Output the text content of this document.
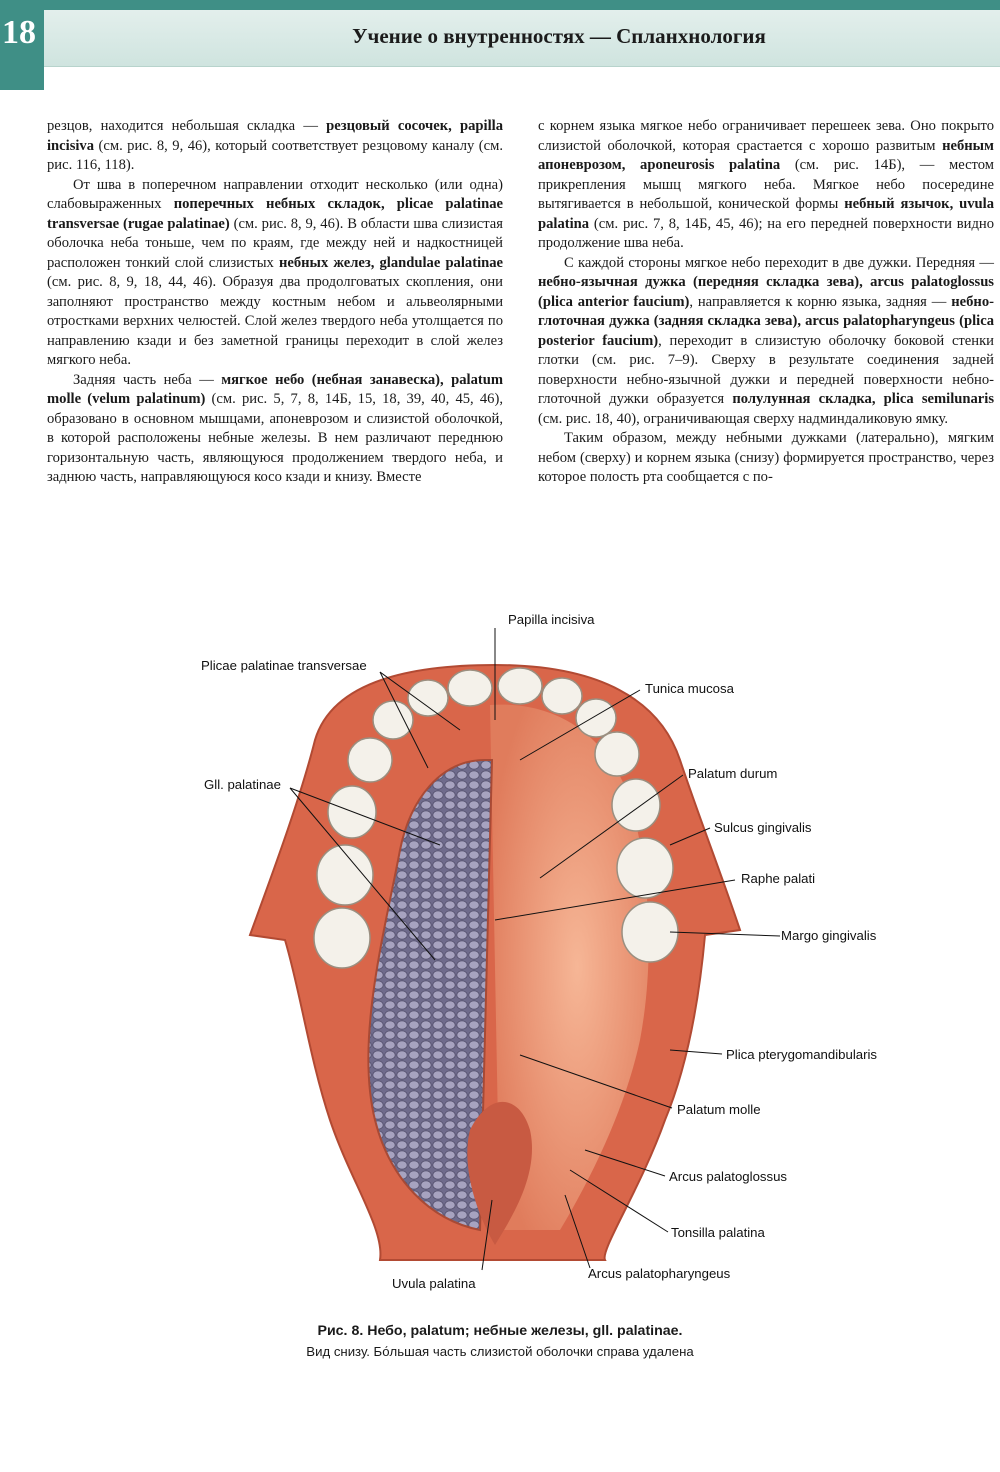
Учение о внутренностях — Спланхнология
18

резцов, находится небольшая складка — резцовый сосочек, papilla incisiva (см. рис. 8, 9, 46), который соответствует резцовому каналу (см. рис. 116, 118).

От шва в поперечном направлении отходит несколько (или одна) слабовыраженных поперечных небных складок, plicae palatinae transversae (rugae palatinae) (см. рис. 8, 9, 46). В области шва слизистая оболочка неба тоньше, чем по краям, где между ней и надкостницей расположен тонкий слой слизистых небных желез, glandulae palatinae (см. рис. 8, 9, 18, 44, 46). Образуя два продолговатых скопления, они заполняют пространство между костным небом и альвеолярными отростками верхних челюстей. Слой желез твердого неба утолщается по направлению кзади и без заметной границы переходит в слой желез мягкого неба.

Задняя часть неба — мягкое небо (небная занавеска), palatum molle (velum palatinum) (см. рис. 5, 7, 8, 14Б, 15, 18, 39, 40, 45, 46), образовано в основном мышцами, апоневрозом и слизистой оболочкой, в которой расположены небные железы. В нем различают переднюю горизонтальную часть, являющуюся продолжением твердого неба, и заднюю часть, направляющуюся косо кзади и книзу. Вместе

с корнем языка мягкое небо ограничивает перешеек зева. Оно покрыто слизистой оболочкой, которая срастается с хорошо развитым небным апоневрозом, aponeurosis palatina (см. рис. 14Б), — местом прикрепления мышц мягкого неба. Мягкое небо посередине вытягивается в небольшой, конической формы небный язычок, uvula palatina (см. рис. 7, 8, 14Б, 45, 46); на его передней поверхности видно продолжение шва неба.

С каждой стороны мягкое небо переходит в две дужки. Передняя — небно-язычная дужка (передняя складка зева), arcus palatoglossus (plica anterior faucium), направляется к корню языка, задняя — небно-глоточная дужка (задняя складка зева), arcus palatopharyngeus (plica posterior faucium), переходит в слизистую оболочку боковой стенки глотки (см. рис. 7–9). Сверху в результате соединения задней поверхности небно-язычной дужки и передней поверхности небно-глоточной дужки образуется полулунная складка, plica semilunaris (см. рис. 18, 40), ограничивающая сверху надминдаликовую ямку.

Таким образом, между небными дужками (латерально), мягким небом (сверху) и корнем языка (снизу) формируется пространство, через которое полость рта сообщается с по-

Papilla incisiva
Plicae palatinae transversae
Tunica mucosa
Palatum durum
Gll. palatinae
Sulcus gingivalis
Raphe palati
Margo gingivalis
Plica pterygomandibularis
Palatum molle
Arcus palatoglossus
Tonsilla palatina
Arcus palatopharyngeus
Uvula palatina
Рис. 8. Небо, palatum; небные железы, gll. palatinae.
Вид снизу. Бо́льшая часть слизистой оболочки справа удалена
